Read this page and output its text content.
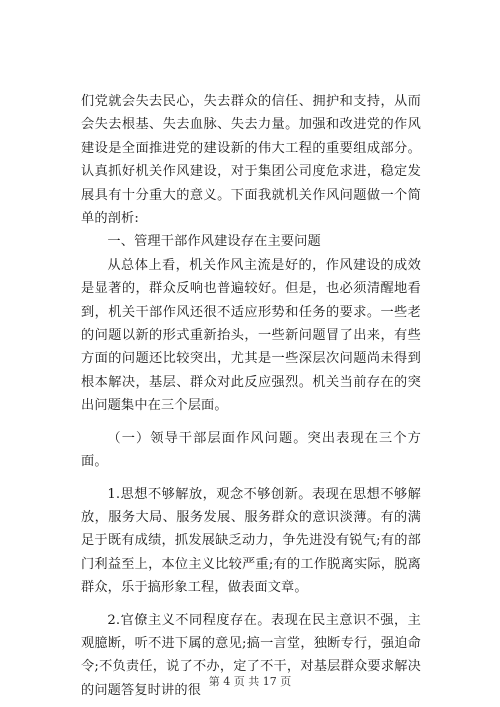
们党就会失去民心，失去群众的信任、拥护和支持，从而会失去根基、失去血脉、失去力量。加强和改进党的作风建设是全面推进党的建设新的伟大工程的重要组成部分。认真抓好机关作风建设，对于集团公司度危求进，稳定发展具有十分重大的意义。下面我就机关作风问题做一个简单的剖析:

一、管理干部作风建设存在主要问题

从总体上看，机关作风主流是好的，作风建设的成效是显著的，群众反响也普遍较好。但是，也必须清醒地看到，机关干部作风还很不适应形势和任务的要求。一些老的问题以新的形式重新抬头，一些新问题冒了出来，有些方面的问题还比较突出，尤其是一些深层次问题尚未得到根本解决，基层、群众对此反应强烈。机关当前存在的突出问题集中在三个层面。

（一）领导干部层面作风问题。突出表现在三个方面。

1.思想不够解放，观念不够创新。表现在思想不够解放，服务大局、服务发展、服务群众的意识淡薄。有的满足于既有成绩，抓发展缺乏动力，争先进没有锐气;有的部门利益至上，本位主义比较严重;有的工作脱离实际，脱离群众，乐于搞形象工程，做表面文章。

2.官僚主义不同程度存在。表现在民主意识不强，主观臆断，听不进下属的意见;搞一言堂，独断专行，强迫命令;不负责任，说了不办，定了不干，对基层群众要求解决的问题答复时讲的很

第 4 页 共 17 页
